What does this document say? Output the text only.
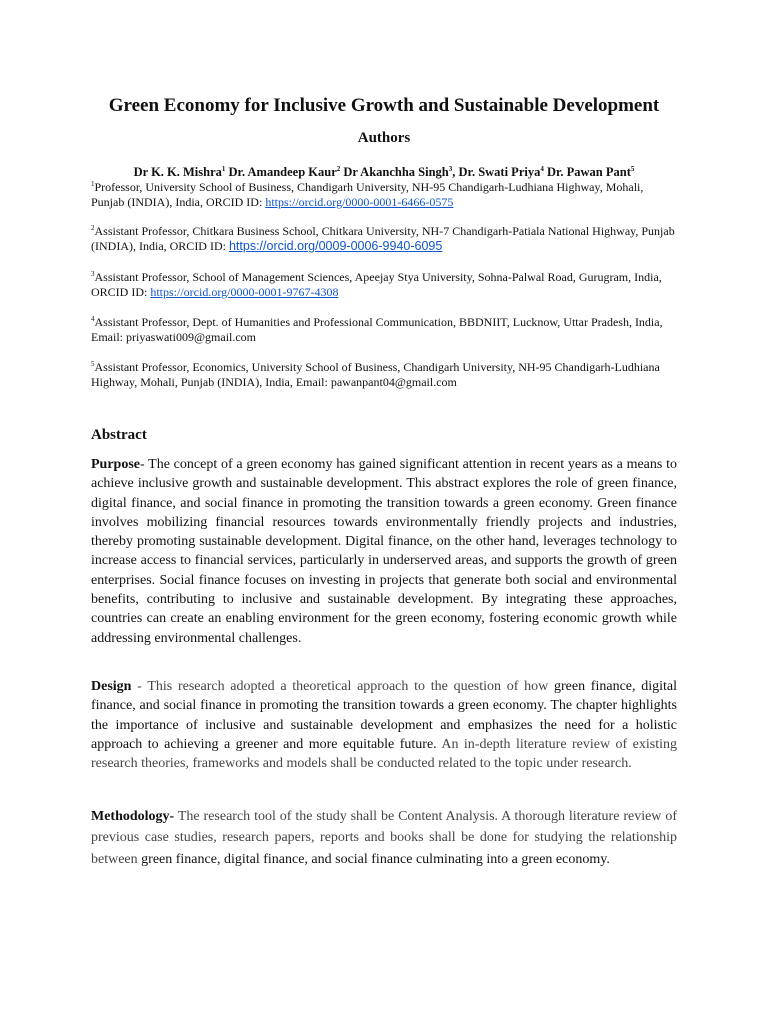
Green Economy for Inclusive Growth and Sustainable Development
Authors
Dr K. K. Mishra$^1$ Dr. Amandeep Kaur$^2$ Dr Akanchha Singh$^3$, Dr. Swati Priya$^4$ Dr. Pawan Pant$^5$
$^1$Professor, University School of Business, Chandigarh University, NH-95 Chandigarh-Ludhiana Highway, Mohali, Punjab (INDIA), India, ORCID ID: https://orcid.org/0000-0001-6466-0575
$^2$Assistant Professor, Chitkara Business School, Chitkara University, NH-7 Chandigarh-Patiala National Highway, Punjab (INDIA), India, ORCID ID: https://orcid.org/0009-0006-9940-6095
$^3$Assistant Professor, School of Management Sciences, Apeejay Stya University, Sohna-Palwal Road, Gurugram, India, ORCID ID: https://orcid.org/0000-0001-9767-4308
$^4$Assistant Professor, Dept. of Humanities and Professional Communication, BBDNIIT, Lucknow, Uttar Pradesh, India, Email: priyaswati009@gmail.com
$^5$Assistant Professor, Economics, University School of Business, Chandigarh University, NH-95 Chandigarh-Ludhiana Highway, Mohali, Punjab (INDIA), India, Email: pawanpant04@gmail.com
Abstract
Purpose- The concept of a green economy has gained significant attention in recent years as a means to achieve inclusive growth and sustainable development. This abstract explores the role of green finance, digital finance, and social finance in promoting the transition towards a green economy. Green finance involves mobilizing financial resources towards environmentally friendly projects and industries, thereby promoting sustainable development. Digital finance, on the other hand, leverages technology to increase access to financial services, particularly in underserved areas, and supports the growth of green enterprises. Social finance focuses on investing in projects that generate both social and environmental benefits, contributing to inclusive and sustainable development. By integrating these approaches, countries can create an enabling environment for the green economy, fostering economic growth while addressing environmental challenges.
Design - This research adopted a theoretical approach to the question of how green finance, digital finance, and social finance in promoting the transition towards a green economy. The chapter highlights the importance of inclusive and sustainable development and emphasizes the need for a holistic approach to achieving a greener and more equitable future. An in-depth literature review of existing research theories, frameworks and models shall be conducted related to the topic under research.
Methodology- The research tool of the study shall be Content Analysis. A thorough literature review of previous case studies, research papers, reports and books shall be done for studying the relationship between green finance, digital finance, and social finance culminating into a green economy.
